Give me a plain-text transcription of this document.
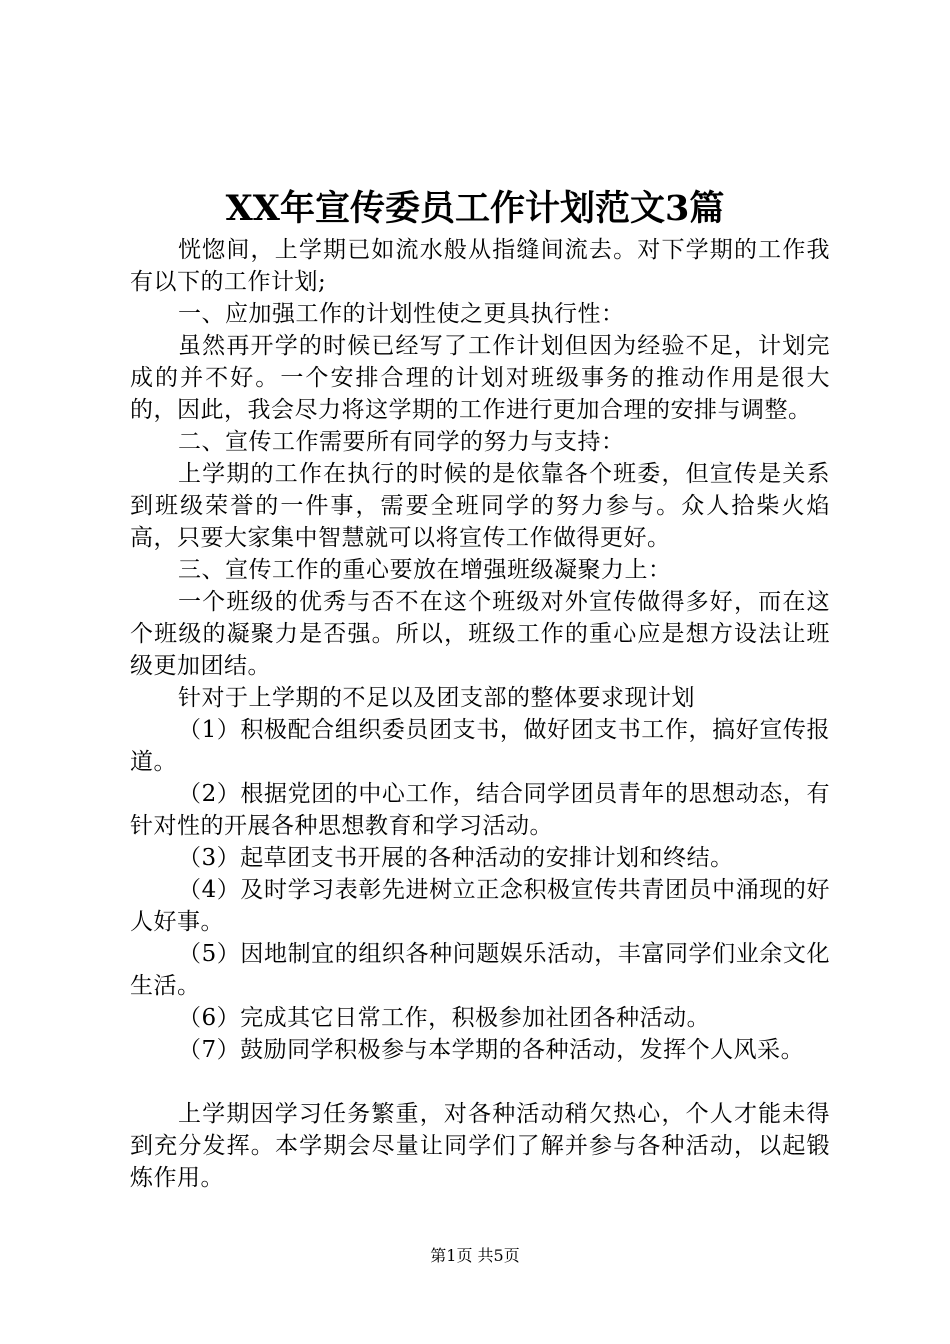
XX年宣传委员工作计划范文3篇

恍惚间，上学期已如流水般从指缝间流去。对下学期的工作我有以下的工作计划;

一、应加强工作的计划性使之更具执行性：

虽然再开学的时候已经写了工作计划但因为经验不足，计划完成的并不好。一个安排合理的计划对班级事务的推动作用是很大的，因此，我会尽力将这学期的工作进行更加合理的安排与调整。

二、宣传工作需要所有同学的努力与支持：

上学期的工作在执行的时候的是依靠各个班委，但宣传是关系到班级荣誉的一件事，需要全班同学的努力参与。众人拾柴火焰高，只要大家集中智慧就可以将宣传工作做得更好。

三、宣传工作的重心要放在增强班级凝聚力上：

一个班级的优秀与否不在这个班级对外宣传做得多好，而在这个班级的凝聚力是否强。所以，班级工作的重心应是想方设法让班级更加团结。

针对于上学期的不足以及团支部的整体要求现计划

（1）积极配合组织委员团支书，做好团支书工作，搞好宣传报道。

（2）根据党团的中心工作，结合同学团员青年的思想动态，有针对性的开展各种思想教育和学习活动。

（3）起草团支书开展的各种活动的安排计划和终结。

（4）及时学习表彰先进树立正念积极宣传共青团员中涌现的好人好事。

（5）因地制宜的组织各种问题娱乐活动，丰富同学们业余文化生活。

（6）完成其它日常工作，积极参加社团各种活动。

（7）鼓励同学积极参与本学期的各种活动，发挥个人风采。

上学期因学习任务繁重，对各种活动稍欠热心，个人才能未得到充分发挥。本学期会尽量让同学们了解并参与各种活动，以起锻炼作用。

第1页 共5页
